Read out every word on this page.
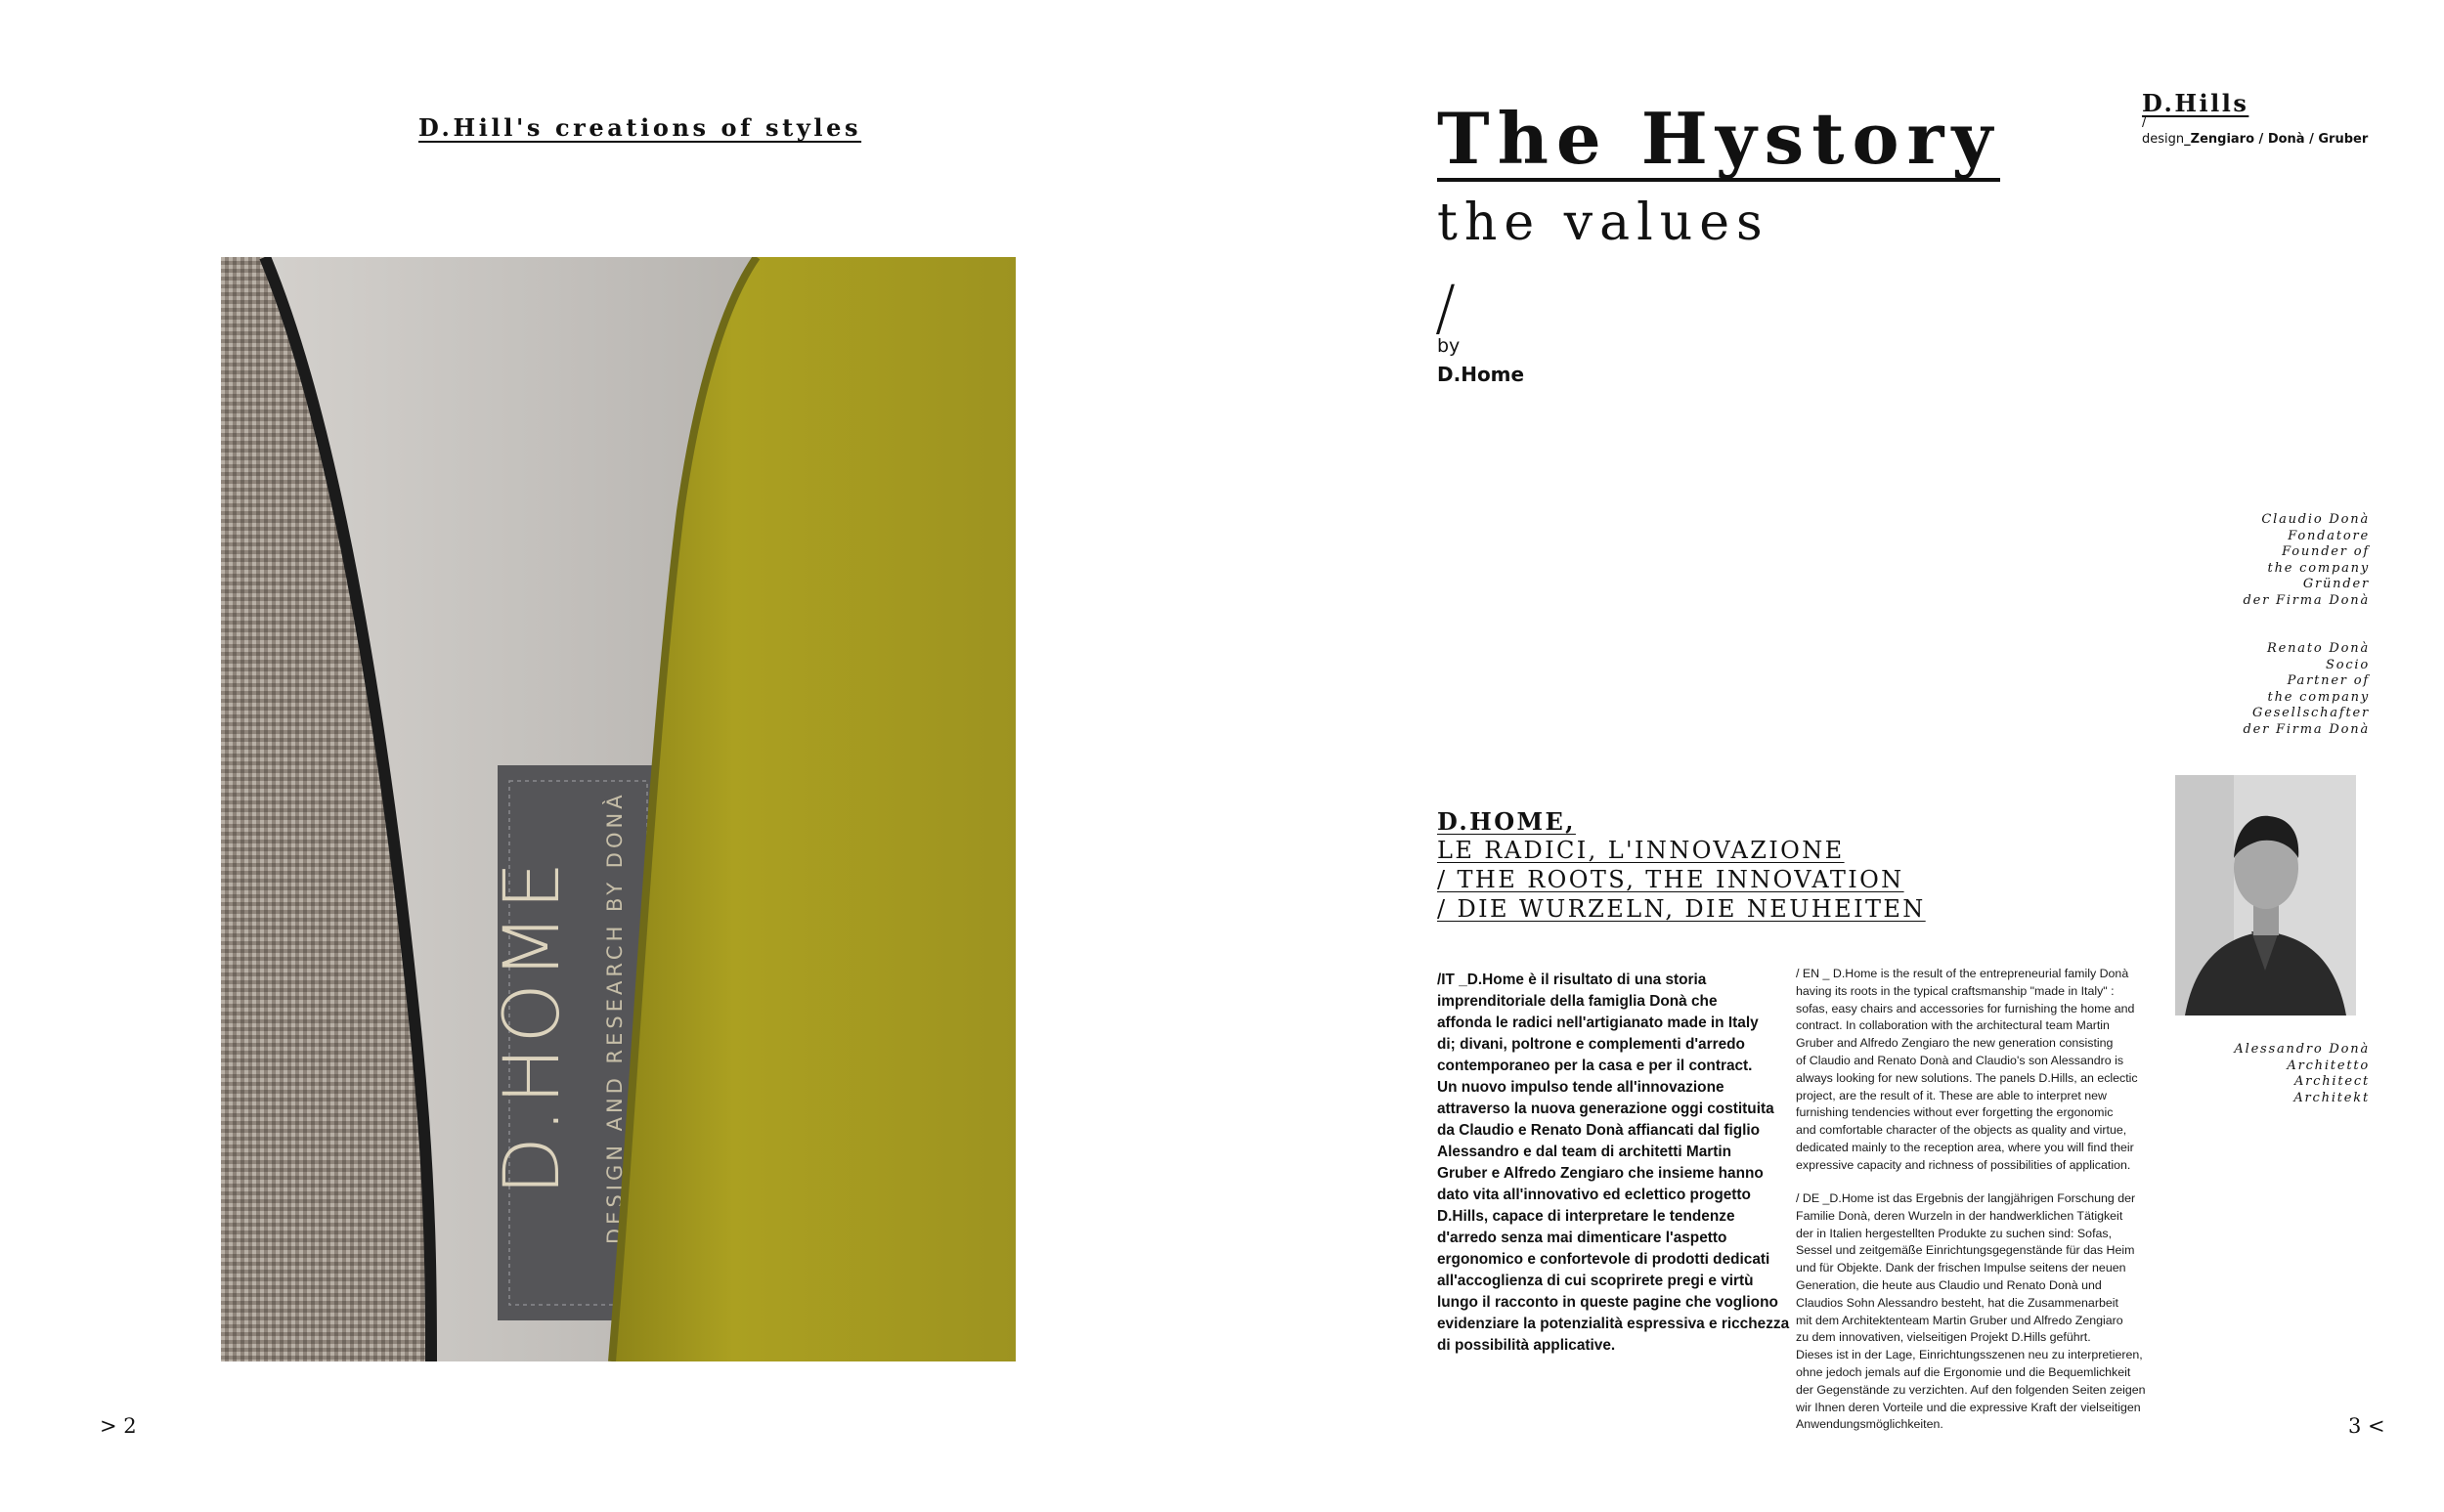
D.Hill's creations of styles
D.HOME DESIGN AND RESEARCH BY DONÀ
> 2
The Hystory
the values
/
by
D.Home
D.Hills
/
design_Zengiaro / Donà / Gruber
Claudio Donà
Fondatore
Founder of
the company
Gründer
der Firma Donà
Renato Donà
Socio
Partner of
the company
Gesellschafter
der Firma Donà
Alessandro Donà
Architetto
Architect
Architekt
D.HOME,
LE RADICI, L'INNOVAZIONE
/ THE ROOTS, THE INNOVATION
/ DIE WURZELN, DIE NEUHEITEN
/IT _D.Home è il risultato di una storia
imprenditoriale della famiglia Donà che
affonda le radici nell'artigianato made in Italy
di; divani, poltrone e complementi d'arredo
contemporaneo per la casa e per il contract.
Un nuovo impulso tende all'innovazione
attraverso la nuova generazione oggi costituita
da Claudio e Renato Donà affiancati dal figlio
Alessandro e dal team di architetti Martin
Gruber e Alfredo Zengiaro che insieme hanno
dato vita all'innovativo ed eclettico progetto
D.Hills, capace di interpretare le tendenze
d'arredo senza mai dimenticare l'aspetto
ergonomico e confortevole di prodotti dedicati
all'accoglienza di cui scoprirete pregi e virtù
lungo il racconto in queste pagine che vogliono
evidenziare la potenzialità espressiva e ricchezza
di possibilità applicative.
/ EN _ D.Home is the result of the entrepreneurial family Donà
having its roots in the typical craftsmanship "made in Italy" :
sofas, easy chairs and accessories for furnishing the home and
contract. In collaboration with the architectural team Martin
Gruber and Alfredo Zengiaro the new generation consisting
of Claudio and Renato Donà and Claudio's son Alessandro is
always looking for new solutions. The panels D.Hills, an eclectic
project, are the result of it. These are able to interpret new
furnishing tendencies without ever forgetting the ergonomic
and comfortable character of the objects as quality and virtue,
dedicated mainly to the reception area, where you will find their
expressive capacity and richness of possibilities of application.
/ DE _D.Home ist das Ergebnis der langjährigen Forschung der
Familie Donà, deren Wurzeln in der handwerklichen Tätigkeit
der in Italien hergestellten Produkte zu suchen sind: Sofas,
Sessel und zeitgemäße Einrichtungsgegenstände für das Heim
und für Objekte. Dank der frischen Impulse seitens der neuen
Generation, die heute aus Claudio und Renato Donà und
Claudios Sohn Alessandro besteht, hat die Zusammenarbeit
mit dem Architektenteam Martin Gruber und Alfredo Zengiaro
zu dem innovativen, vielseitigen Projekt D.Hills geführt.
Dieses ist in der Lage, Einrichtungsszenen neu zu interpretieren,
ohne jedoch jemals auf die Ergonomie und die Bequemlichkeit
der Gegenstände zu verzichten. Auf den folgenden Seiten zeigen
wir Ihnen deren Vorteile und die expressive Kraft der vielseitigen
Anwendungsmöglichkeiten.	3 <
